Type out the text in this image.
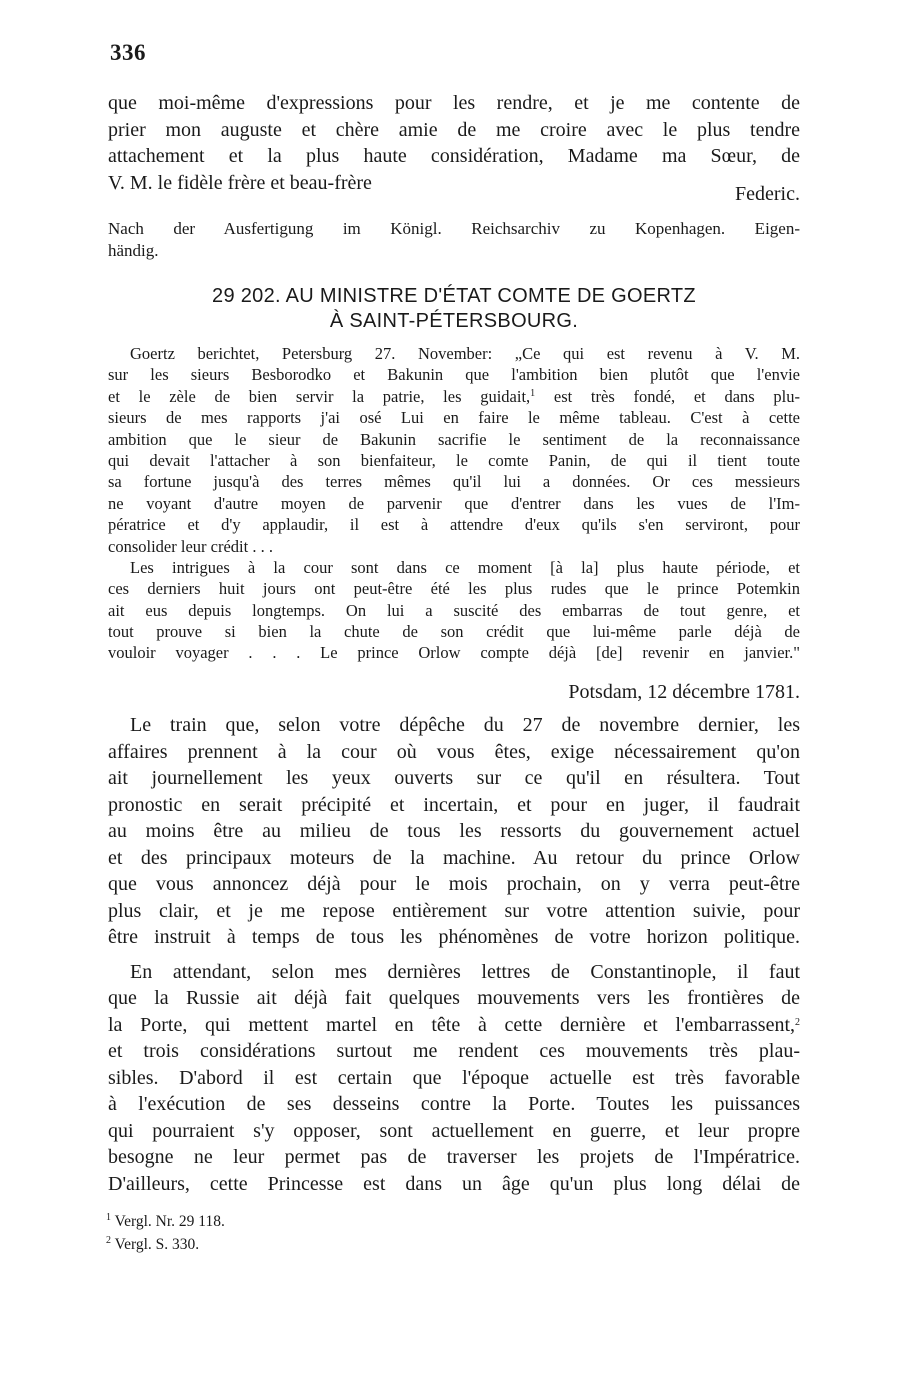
336
que moi-même d'expressions pour les rendre, et je me contente de
prier mon auguste et chère amie de me croire avec le plus tendre
attachement et la plus haute considération, Madame ma Sœur, de
V. M. le fidèle frère et beau-frère
Federic.
Nach der Ausfertigung im Königl. Reichsarchiv zu Kopenhagen. Eigen-
händig.
29 202. AU MINISTRE D'ÉTAT COMTE DE GOERTZ
À SAINT-PÉTERSBOURG.
Goertz berichtet, Petersburg 27. November: „Ce qui est revenu à V. M.
sur les sieurs Besborodko et Bakunin que l'ambition bien plutôt que l'envie
et le zèle de bien servir la patrie, les guidait,$^1$ est très fondé, et dans plu-
sieurs de mes rapports j'ai osé Lui en faire le même tableau. C'est à cette
ambition que le sieur de Bakunin sacrifie le sentiment de la reconnaissance
qui devait l'attacher à son bienfaiteur, le comte Panin, de qui il tient toute
sa fortune jusqu'à des terres mêmes qu'il lui a données. Or ces messieurs
ne voyant d'autre moyen de parvenir que d'entrer dans les vues de l'Im-
pératrice et d'y applaudir, il est à attendre d'eux qu'ils s'en serviront, pour
consolider leur crédit . . .
Les intrigues à la cour sont dans ce moment [à la] plus haute période, et
ces derniers huit jours ont peut-être été les plus rudes que le prince Potemkin
ait eus depuis longtemps. On lui a suscité des embarras de tout genre, et
tout prouve si bien la chute de son crédit que lui-même parle déjà de
vouloir voyager . . . Le prince Orlow compte déjà [de] revenir en janvier."
Potsdam, 12 décembre 1781.
Le train que, selon votre dépêche du 27 de novembre dernier, les
affaires prennent à la cour où vous êtes, exige nécessairement qu'on
ait journellement les yeux ouverts sur ce qu'il en résultera. Tout
pronostic en serait précipité et incertain, et pour en juger, il faudrait
au moins être au milieu de tous les ressorts du gouvernement actuel
et des principaux moteurs de la machine. Au retour du prince Orlow
que vous annoncez déjà pour le mois prochain, on y verra peut-être
plus clair, et je me repose entièrement sur votre attention suivie, pour
être instruit à temps de tous les phénomènes de votre horizon politique.
En attendant, selon mes dernières lettres de Constantinople, il faut
que la Russie ait déjà fait quelques mouvements vers les frontières de
la Porte, qui mettent martel en tête à cette dernière et l'embarrassent,$^2$
et trois considérations surtout me rendent ces mouvements très plau-
sibles. D'abord il est certain que l'époque actuelle est très favorable
à l'exécution de ses desseins contre la Porte. Toutes les puissances
qui pourraient s'y opposer, sont actuellement en guerre, et leur propre
besogne ne leur permet pas de traverser les projets de l'Impératrice.
D'ailleurs, cette Princesse est dans un âge qu'un plus long délai de
$^1$ Vergl. Nr. 29 118.
$^2$ Vergl. S. 330.
